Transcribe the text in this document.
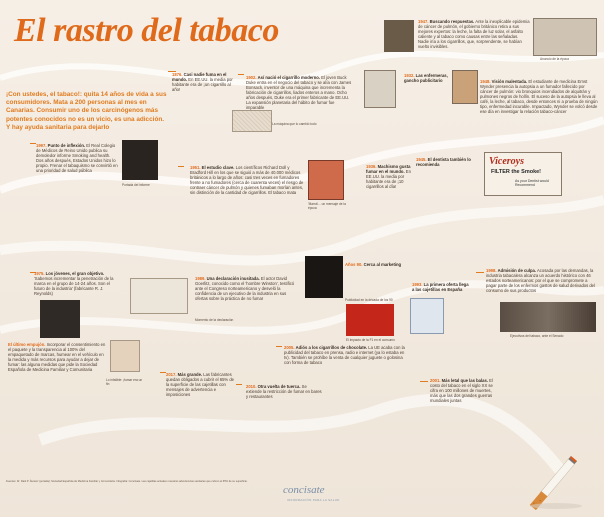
El rastro del tabaco
¡Con ustedes, el tabaco!: quita 14 años de vida a sus consumidores. Mata a 200 personas al mes en Canarias. Consumir uno de los carcinógenos más potentes conocidos no es un vicio, es una adicción. Y hay ayuda sanitaria para dejarlo
Anuncio de la época
1947. Buscando respuestas. Ante la inexplicable epidemia de cáncer de pulmón, el gobierno británico retira a sus mejores expertos: la leche, la falta de luz solar, el asfalto caliente y al tabaco como causas entre las señaladas. Nadie iría a los cigarrillos, que, sorprendente, se habían vuelto invisibles.
1876. Casi nadie fuma en el mundo. En EE.UU. la media por habitante era de ¡un cigarrillo al año!
1902. Así nació el cigarrillo moderno. El joven Buck Duke entra en el negocio del tabaco y se alía con James Bonsack, inventor de una máquina que incrementa la fabricación de cigarrillos, liados enteros a mano. Ocho años después, Duke era el primer fabricante de EE.UU. La expansión planetaria del hábito de fumar fue imparable
La máquina que lo cambió todo
1932. Las enfermeras, gancho publicitario	1948. Visión malentada. El estudiante de medicina Ernst Wynder presencia la autopsia a un fumador fallecido por cáncer de pulmón: vio bronquios incendiados de alquitrán y pulmones negros de hollín. El suceso de la autopsia le lleva al café, la leche, al tabaco, desde entonces ni a prueba de ningún tipo, enfermedad incurable. Impactado, Wynder se volcó desde ese día en investigar la relación tabaco-cáncer
1997. Punto de inflexión. El Real Colegio de Médicos de Reino Unido publica su demoledor informe Smoking and health. Dos años después, Estados Unidos hizo lo propio. Frenar el tabaquismo se convirtió en una prioridad de salud pública
Portada del informe
1951. El estudio clave. Los científicos Richard Doll y Bradford Hill en los que se siguió a más de 40.000 médicos británicos a lo largo de años: casi tres veces en fumadores frente a no fumadores (cerca de cuarenta veces) el riesgo de contraer cáncer de pulmón y quienes fumaban morían antes, sin distinción de la cantidad de cigarrillos. El tabaco mata
'Mamá'... un mensaje de la época
1936. Machismo gusta fumar en el mundo. En EE.UU. la media por habitante era de ¡10 cigarrillos al día!
1945. El dentista también lo recomienda	Viceroys
FILTER the Smoke!
As your Dentist would Recommend
1975. Los jóvenes, el gran objetivo. 'Sabemos incrementar la penetración de la marca en el grupo de 14-24 años. Son el futuro de la industria' (fabricante R. J. Reynolds)
Momento de la declaración
1989. Una declaración inusitada. El actor David Goerlitz, conocido como el 'hombre Winston', testificó ante el Congreso norteamericano y desveló la confidencia de un ejecutivo de la industria en sus ofertas sobre la práctica de no fumar	Publicidad en la década de los 90
Años 90. Cerca al marketing
El impacto de la F1 en el consumo
1993. La primera oferta llega a las cajetillas en España
1998. Admisión de culpa. Acosada por las demandas, la industria tabacalera alcanza un acuerdo histórico con 46 estados norteamericanos: por el que se compromete a pagar parte de los enfermos gastos de salud derivados del consumo de sus productos
Ejecutivos del tabaco, ante el Senado
El último empujón. Incorporar el consentimiento en el paquete y la transparencia al 100% del empaquetado de marcas, humear en el vehículo en la medida y más recursos para ayudar a dejar de fumar: las alguna medidas que pide la Sociedad Española de Medicina Familiar y Comunitaria
Lo infalible: ¡fumar era un fin
2017. Más grande. Las fabricantes quedan obligados a cubrir el 65% de la superficie de las cajetillas con mensajes de advertencia e imposiciones
2005. Adiós a los cigarrillos de chocolate. La UE acaba con la publicidad del tabaco en prensa, radio e internet (ya lo estaba en tv). También se prohíbe la venta de cualquier juguete o golosina con forma de tabaco
2010. Otra vuelta de tuerca. Se extiende la restricción de fumar en bares y restaurantes
2001. Más letal que las balas. El costo del tabaco en el siglo XX se cifra en 100 millones de muertes, más que las dos grandes guerras mundiales juntas
Fuentes: Dr. Raúl P. Álvarez (portada); Sociedad Española de Medicina Familiar y Comunitaria. Infografía: Concisate. Las cajetillas actuales muestran advertencias sanitarias que cubren el 65% de su superficie.
concisate
INFORMACIÓN PARA LA SALUD
